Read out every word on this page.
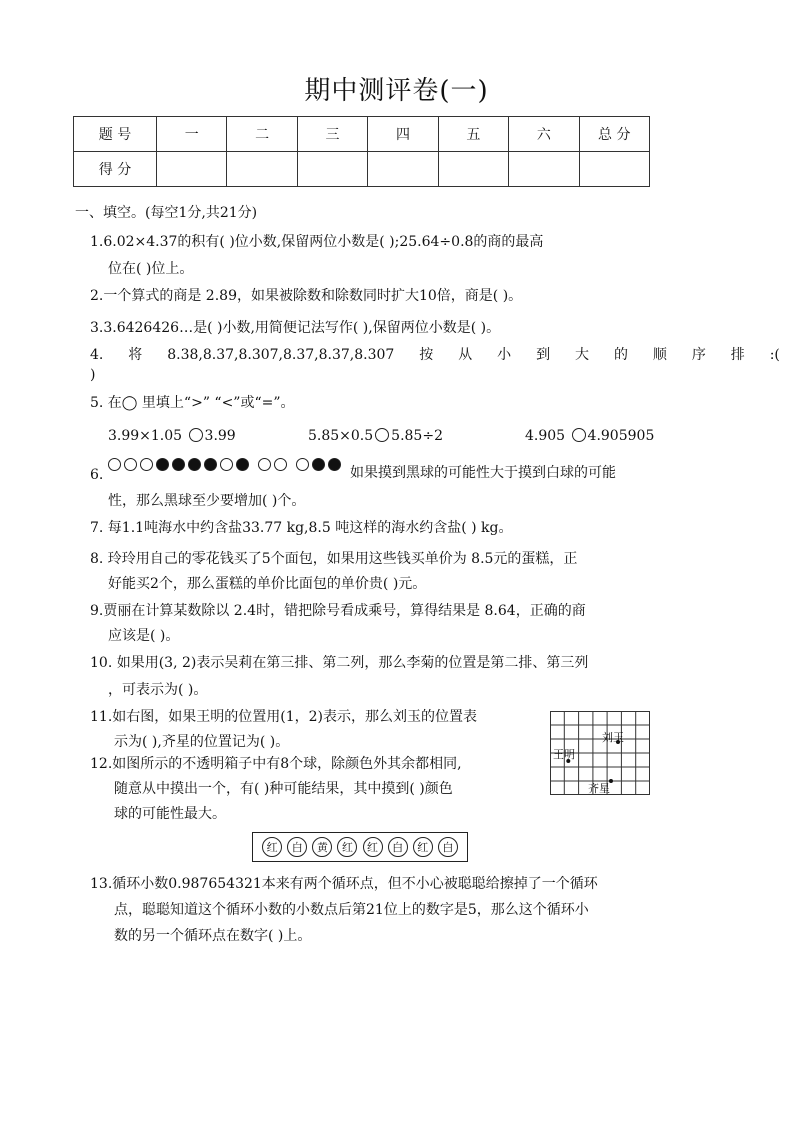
期中测评卷(一)
题 号	一	二	三	四	五	六	总 分
得 分							
一、填空。(每空1分,共21分)
1.6.02×4.37的积有( )位小数,保留两位小数是( );25.64÷0.8的商的最高
位在( )位上。
2.一个算式的商是 2.89，如果被除数和除数同时扩大10倍，商是( )。
3.3.6426426…是( )小数,用简便记法写作( ),保留两位小数是( )。
4. 将 8.38,8.37,8.307,8.37,8.37,8.307 按 从 小 到 大 的 顺 序 排 :(
)
5. 在◯ 里填上“>” “<”或“=”。
3.99×1.05 3.99	5.85×0.5 5.85÷2	4.905 4.905905
6.	如果摸到黑球的可能性大于摸到白球的可能
性，那么黑球至少要增加( )个。
7. 每1.1吨海水中约含盐33.77 kg,8.5 吨这样的海水约含盐( ) kg。
8. 玲玲用自己的零花钱买了5个面包，如果用这些钱买单价为 8.5元的蛋糕，正
好能买2个，那么蛋糕的单价比面包的单价贵( )元。
9.贾丽在计算某数除以 2.4时，错把除号看成乘号，算得结果是 8.64，正确的商
应该是( )。
10. 如果用(3, 2)表示吴莉在第三排、第二列，那么李菊的位置是第二排、第三列
，可表示为( )。
11.如右图，如果王明的位置用(1，2)表示，那么刘玉的位置表
示为( ),齐星的位置记为( )。
12.如图所示的不透明箱子中有8个球，除颜色外其余都相同,
随意从中摸出一个，有( )种可能结果，其中摸到( )颜色
球的可能性最大。
王明
刘玉
齐星
红	白	黄	红	红	白	红	白
13.循环小数0.987654321本来有两个循环点，但不小心被聪聪给擦掉了一个循环
点，聪聪知道这个循环小数的小数点后第21位上的数字是5，那么这个循环小
数的另一个循环点在数字( )上。
